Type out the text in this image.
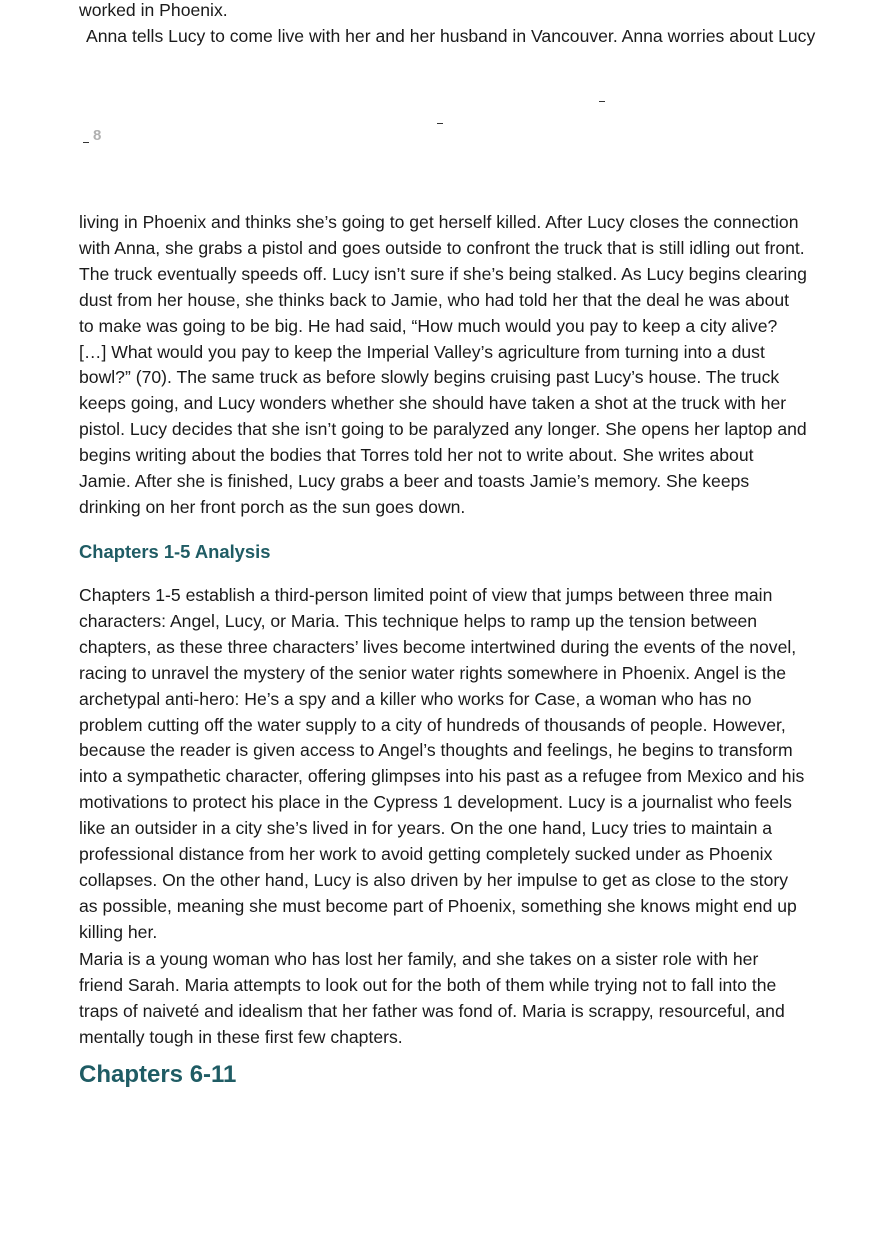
worked in Phoenix.

Anna tells Lucy to come live with her and her husband in Vancouver. Anna worries about Lucy

8

living in Phoenix and thinks she’s going to get herself killed. After Lucy closes the connection with Anna, she grabs a pistol and goes outside to confront the truck that is still idling out front. The truck eventually speeds off. Lucy isn’t sure if she’s being stalked. As Lucy begins clearing dust from her house, she thinks back to Jamie, who had told her that the deal he was about to make was going to be big. He had said, “How much would you pay to keep a city alive? […] What would you pay to keep the Imperial Valley’s agriculture from turning into a dust bowl?” (70). The same truck as before slowly begins cruising past Lucy’s house. The truck keeps going, and Lucy wonders whether she should have taken a shot at the truck with her pistol. Lucy decides that she isn’t going to be paralyzed any longer. She opens her laptop and begins writing about the bodies that Torres told her not to write about. She writes about Jamie. After she is finished, Lucy grabs a beer and toasts Jamie’s memory. She keeps drinking on her front porch as the sun goes down.

Chapters 1-5 Analysis

Chapters 1-5 establish a third-person limited point of view that jumps between three main characters: Angel, Lucy, or Maria. This technique helps to ramp up the tension between chapters, as these three characters’ lives become intertwined during the events of the novel, racing to unravel the mystery of the senior water rights somewhere in Phoenix. Angel is the archetypal anti-hero: He’s a spy and a killer who works for Case, a woman who has no problem cutting off the water supply to a city of hundreds of thousands of people. However, because the reader is given access to Angel’s thoughts and feelings, he begins to transform into a sympathetic character, offering glimpses into his past as a refugee from Mexico and his motivations to protect his place in the Cypress 1 development. Lucy is a journalist who feels like an outsider in a city she’s lived in for years. On the one hand, Lucy tries to maintain a professional distance from her work to avoid getting completely sucked under as Phoenix collapses. On the other hand, Lucy is also driven by her impulse to get as close to the story as possible, meaning she must become part of Phoenix, something she knows might end up killing her.

Maria is a young woman who has lost her family, and she takes on a sister role with her friend Sarah. Maria attempts to look out for the both of them while trying not to fall into the traps of naiveté and idealism that her father was fond of. Maria is scrappy, resourceful, and mentally tough in these first few chapters.

Chapters 6-11
